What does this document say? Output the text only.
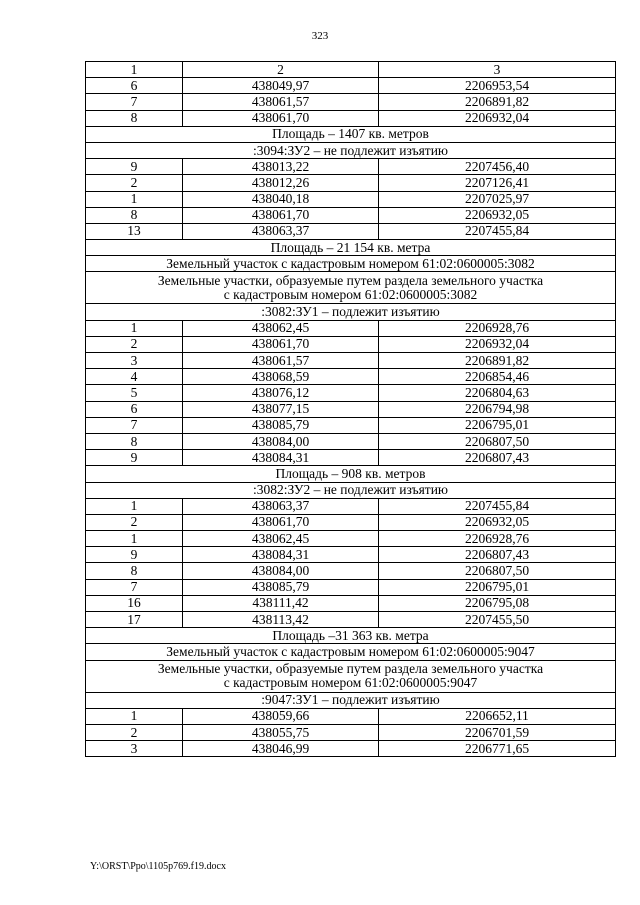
323
1	2	3
6	438049,97	2206953,54
7	438061,57	2206891,82
8	438061,70	2206932,04
Площадь – 1407 кв. метров		
:3094:ЗУ2 – не подлежит изъятию		
9	438013,22	2207456,40
2	438012,26	2207126,41
1	438040,18	2207025,97
8	438061,70	2206932,05
13	438063,37	2207455,84
Площадь – 21 154 кв. метра		
Земельный участок с кадастровым номером 61:02:0600005:3082		

Земельные участки, образуемые путем раздела земельного участка
с кадастровым номером 61:02:0600005:3082		

:3082:ЗУ1 – подлежит изъятию		
1	438062,45	2206928,76
2	438061,70	2206932,04
3	438061,57	2206891,82
4	438068,59	2206854,46
5	438076,12	2206804,63
6	438077,15	2206794,98
7	438085,79	2206795,01
8	438084,00	2206807,50
9	438084,31	2206807,43
Площадь – 908 кв. метров		
:3082:ЗУ2 – не подлежит изъятию		
1	438063,37	2207455,84
2	438061,70	2206932,05
1	438062,45	2206928,76
9	438084,31	2206807,43
8	438084,00	2206807,50
7	438085,79	2206795,01
16	438111,42	2206795,08
17	438113,42	2207455,50
Площадь –31 363 кв. метра		
Земельный участок с кадастровым номером 61:02:0600005:9047		

Земельные участки, образуемые путем раздела земельного участка
с кадастровым номером 61:02:0600005:9047		

:9047:ЗУ1 – подлежит изъятию		
1	438059,66	2206652,11
2	438055,75	2206701,59
3	438046,99	2206771,65
Y:\ORST\Ppo\1105p769.f19.docx
